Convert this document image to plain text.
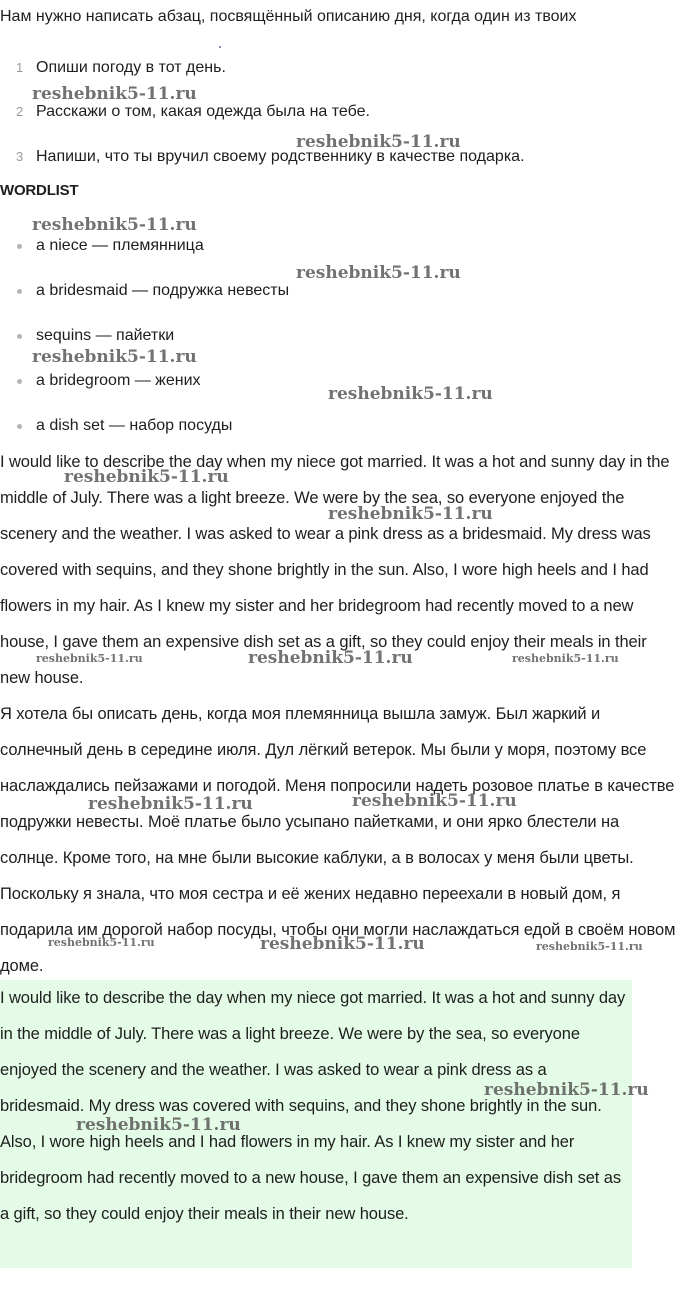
Нам нужно написать абзац, посвящённый описанию дня, когда один из твоих
1 Опиши погоду в тот день.
2 Расскажи о том, какая одежда была на тебе.
3 Напиши, что ты вручил своему родственнику в качестве подарка.
WORDLIST
a niece — племянница
a bridesmaid — подружка невесты
sequins — пайетки
a bridegroom — жених
a dish set — набор посуды

I would like to describe the day when my niece got married. It was a hot and sunny day in the middle of July. There was a light breeze. We were by the sea, so everyone enjoyed the scenery and the weather. I was asked to wear a pink dress as a bridesmaid. My dress was covered with sequins, and they shone brightly in the sun. Also, I wore high heels and I had flowers in my hair. As I knew my sister and her bridegroom had recently moved to a new house, I gave them an expensive dish set as a gift, so they could enjoy their meals in their new house.

Я хотела бы описать день, когда моя племянница вышла замуж. Был жаркий и солнечный день в середине июля. Дул лёгкий ветерок. Мы были у моря, поэтому все наслаждались пейзажами и погодой. Меня попросили надеть розовое платье в качестве подружки невесты. Моё платье было усыпано пайетками, и они ярко блестели на солнце. Кроме того, на мне были высокие каблуки, а в волосах у меня были цветы. Поскольку я знала, что моя сестра и её жених недавно переехали в новый дом, я подарила им дорогой набор посуды, чтобы они могли наслаждаться едой в своём новом доме.

I would like to describe the day when my niece got married. It was a hot and sunny day in the middle of July. There was a light breeze. We were by the sea, so everyone enjoyed the scenery and the weather. I was asked to wear a pink dress as a bridesmaid. My dress was covered with sequins, and they shone brightly in the sun. Also, I wore high heels and I had flowers in my hair. As I knew my sister and her bridegroom had recently moved to a new house, I gave them an expensive dish set as a gift, so they could enjoy their meals in their new house.

reshebnik5-11.ru
reshebnik5-11.ru
reshebnik5-11.ru
reshebnik5-11.ru
reshebnik5-11.ru
reshebnik5-11.ru
reshebnik5-11.ru
reshebnik5-11.ru
reshebnik5-11.ru	reshebnik5-11.ru	reshebnik5-11.ru
reshebnik5-11.ru	reshebnik5-11.ru
reshebnik5-11.ru	reshebnik5-11.ru	reshebnik5-11.ru
reshebnik5-11.ru
reshebnik5-11.ru
